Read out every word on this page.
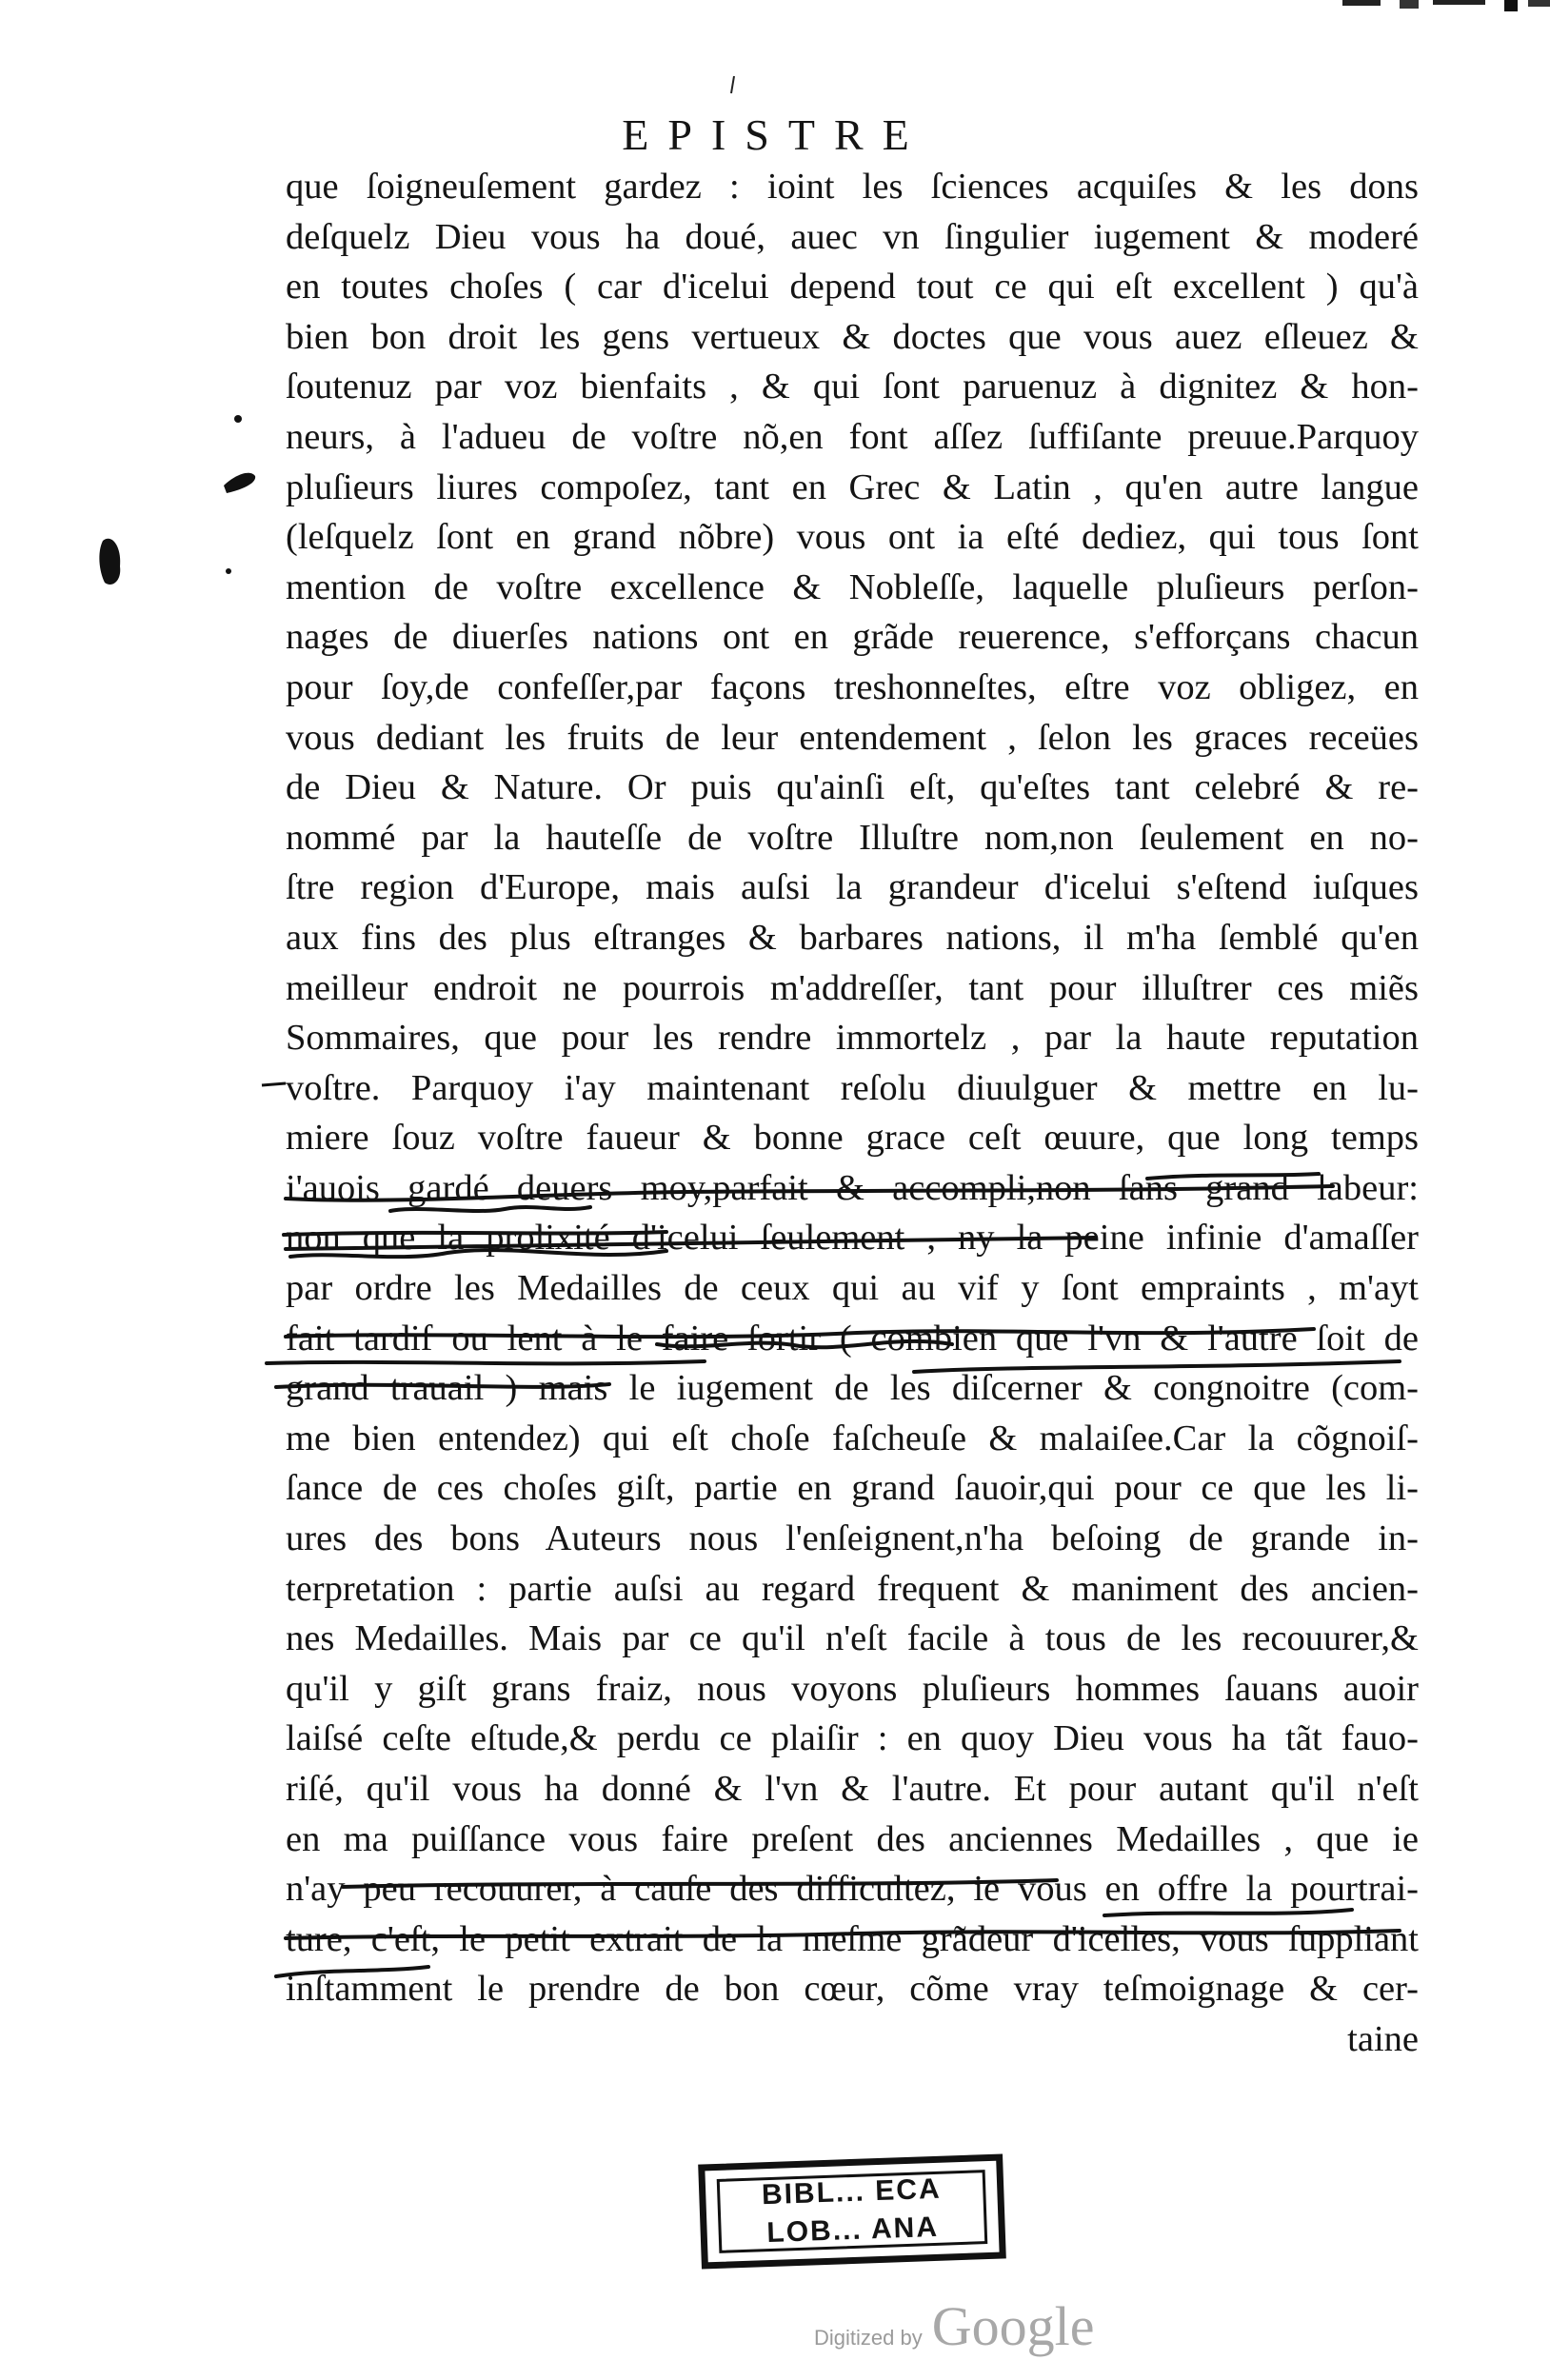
EPISTRE
que ſoigneuſement gardez : ioint les ſciences acquiſes & les dons
deſquelz Dieu vous ha doué, auec vn ſingulier iugement & moderé
en toutes choſes ( car d'icelui depend tout ce qui eſt excellent ) qu'à
bien bon droit les gens vertueux & doctes que vous auez eſleuez &
ſoutenuz par voz bienfaits , & qui ſont paruenuz à dignitez & hon-
neurs, à l'adueu de voſtre nõ,en font aſſez ſuffiſante preuue.Parquoy
pluſieurs liures compoſez, tant en Grec & Latin , qu'en autre langue
(leſquelz ſont en grand nõbre) vous ont ia eſté dediez, qui tous ſont
mention de voſtre excellence & Nobleſſe, laquelle pluſieurs perſon-
nages de diuerſes nations ont en grãde reuerence, s'efforçans chacun
pour ſoy,de confeſſer,par façons treshonneſtes, eſtre voz obligez, en
vous dediant les fruits de leur entendement , ſelon les graces receües
de Dieu & Nature. Or puis qu'ainſi eſt, qu'eſtes tant celebré & re-
nommé par la hauteſſe de voſtre Illuſtre nom,non ſeulement en no-
ſtre region d'Europe, mais auſsi la grandeur d'icelui s'eſtend iuſques
aux fins des plus eſtranges & barbares nations, il m'ha ſemblé qu'en
meilleur endroit ne pourrois m'addreſſer, tant pour illuſtrer ces miẽs
Sommaires, que pour les rendre immortelz , par la haute reputation
voſtre. Parquoy i'ay maintenant reſolu diuulguer & mettre en lu-
miere ſouz voſtre faueur & bonne grace ceſt œuure, que long temps
i'auois gardé deuers moy,parfait & accompli,non ſans grand labeur:
non que la prolixité d'icelui ſeulement , ny la peine infinie d'amaſſer
par ordre les Medailles de ceux qui au vif y ſont emprai​nts , m'ayt
fait tardif ou lent à le faire ſortir ( combien que l'vn & l'autre ſoit de
grand trauail ) mais le iugement de les diſcerner & congnoitre (com-
me bien entendez) qui eſt choſe faſcheuſe & malaiſee.Car la cõgnoiſ-
ſance de ces choſes giſt, partie en grand ſauoir,qui pour ce que les li-
ures des bons Auteurs nous l'enſeignent,n'ha beſoing de grande in-
terpretation : partie auſsi au regard frequent & maniment des ancien-
nes Medailles. Mais par ce qu'il n'eſt facile à tous de les recouurer,&
qu'il y giſt grans fraiz, nous voyons pluſieurs hommes ſauans auoir
laiſsé ceſte eſtude,& perdu ce plaiſir : en quoy Dieu vous ha tãt fauo-
riſé, qu'il vous ha donné & l'vn & l'autre. Et pour autant qu'il n'eſt
en ma puiſſance vous faire preſent des anciennes Medailles , que ie
n'ay peu recouurer, à cauſe des difficultez, ie vous en offre la pourtrai-
ture, c'eſt, le petit extrait de la meſme grãdeur d'icelles, vous ſuppliant
inſtamment le prendre de bon cœur, cõme vray teſmoignage & cer-
taine
BIBL... ECA
LOB... ANA
Digitized by Google
